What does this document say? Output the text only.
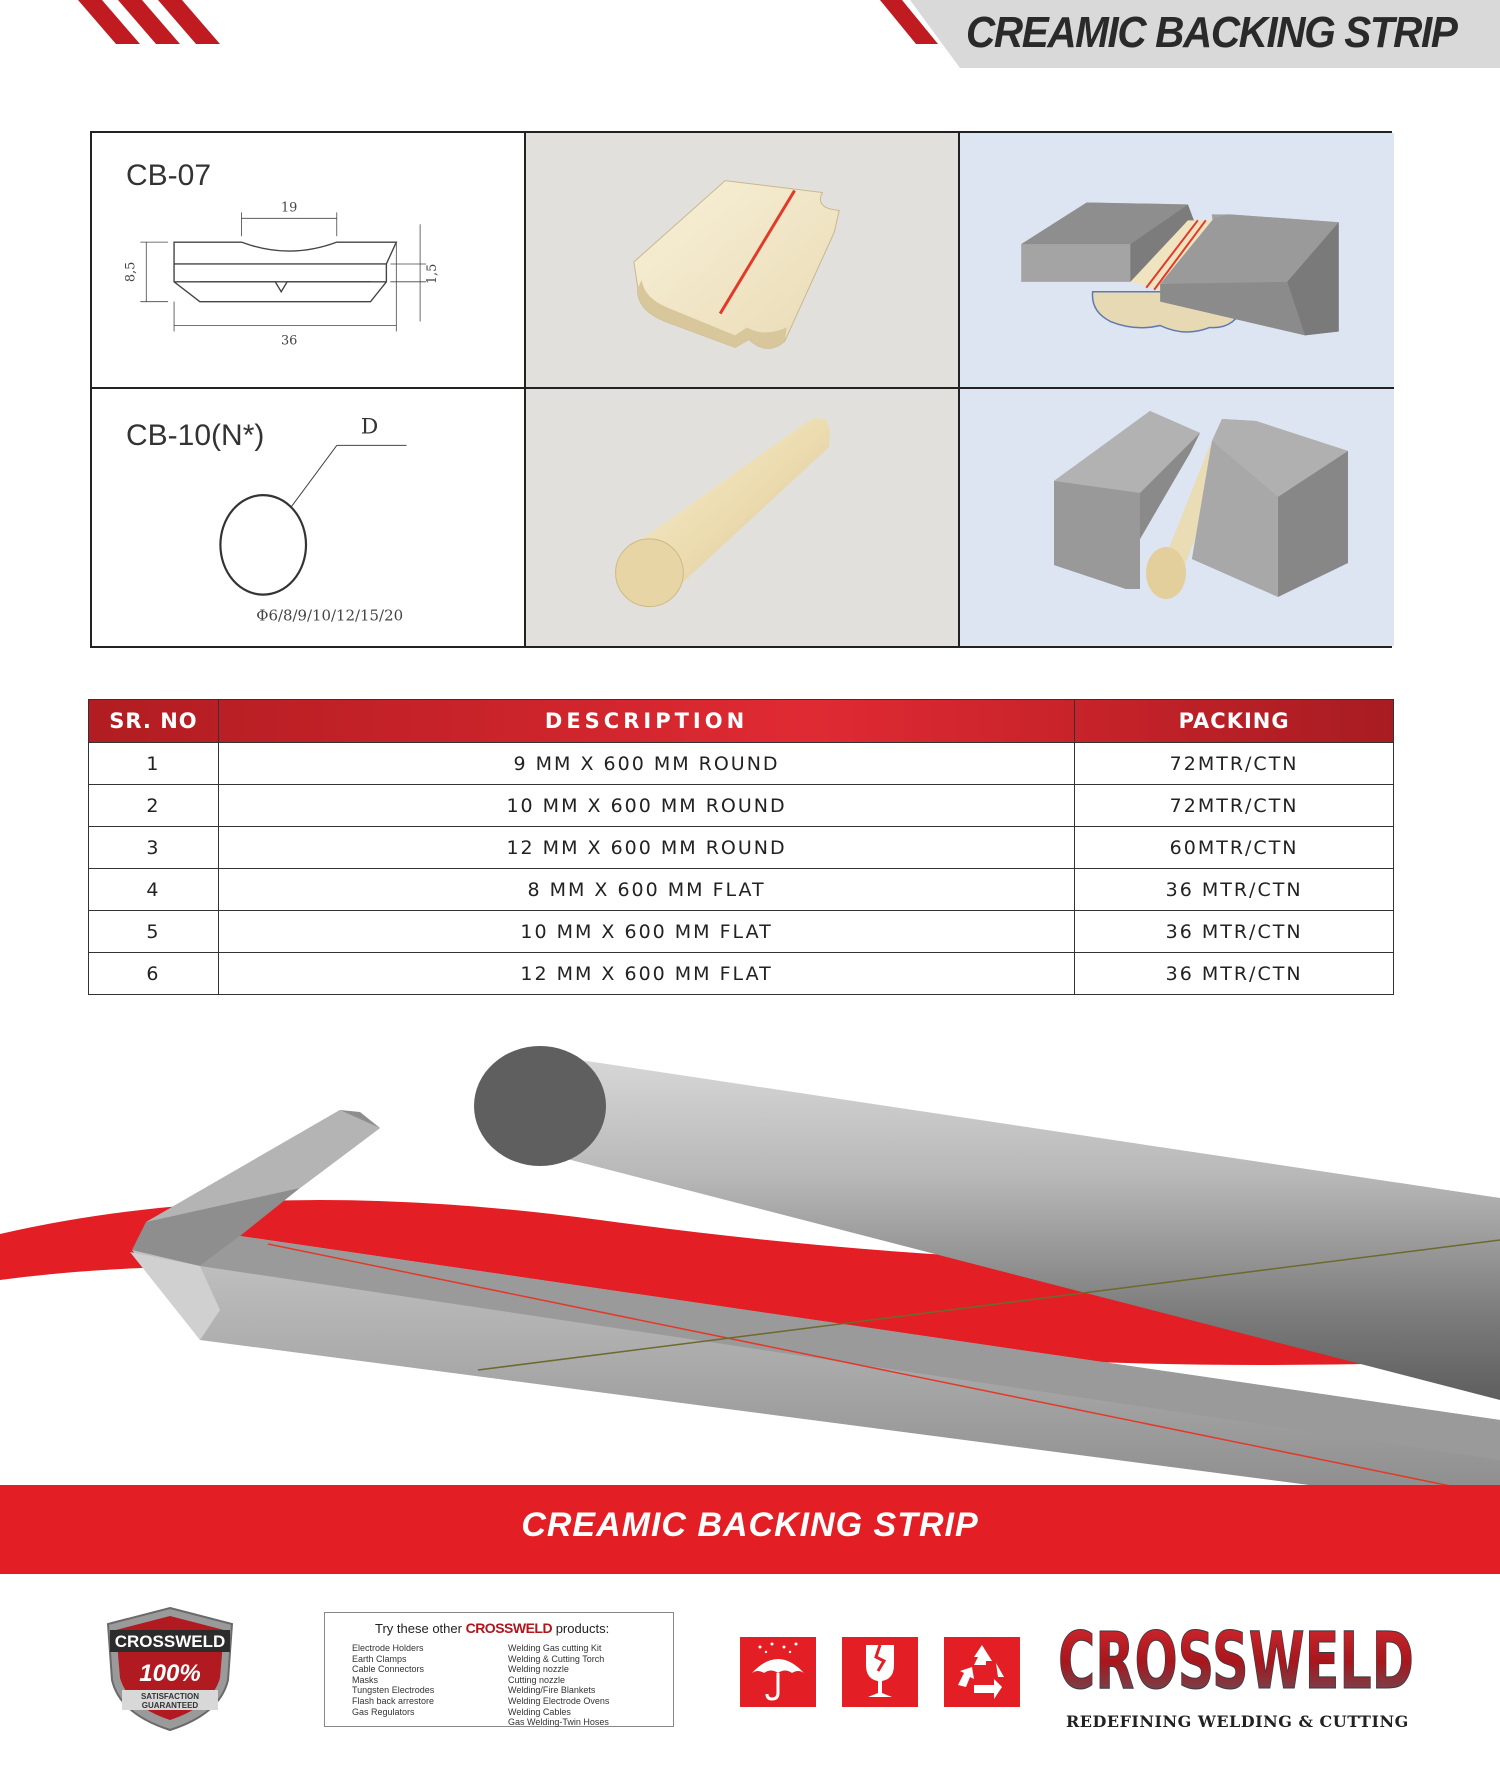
CREAMIC BACKING STRIP
CB-07
19
36
8,5	1,5
CB-10(N*)	D
Φ6/8/9/10/12/15/20
SR. NO	DESCRIPTION	PACKING
1	9 MM X 600 MM ROUND	72MTR/CTN
2	10 MM X 600 MM ROUND	72MTR/CTN
3	12 MM X 600 MM ROUND	60MTR/CTN
4	8 MM X 600 MM FLAT	36 MTR/CTN
5	10 MM X 600 MM FLAT	36 MTR/CTN
6	12 MM X 600 MM FLAT	36 MTR/CTN
CREAMIC BACKING STRIP
CROSSWELD
100%
SATISFACTION
GUARANTEED
Try these other CROSSWELD products:
Electrode Holders
Earth Clamps
Cable Connectors
Masks
Tungsten Electrodes
Flash back arrestore
Gas Regulators
Welding Gas cutting Kit
Welding & Cutting Torch
Welding nozzle
Cutting nozzle
Welding/Fire Blankets
Welding Electrode Ovens
Welding Cables
Gas Welding-Twin Hoses
CROSSWELD
REDEFINING WELDING & CUTTING
